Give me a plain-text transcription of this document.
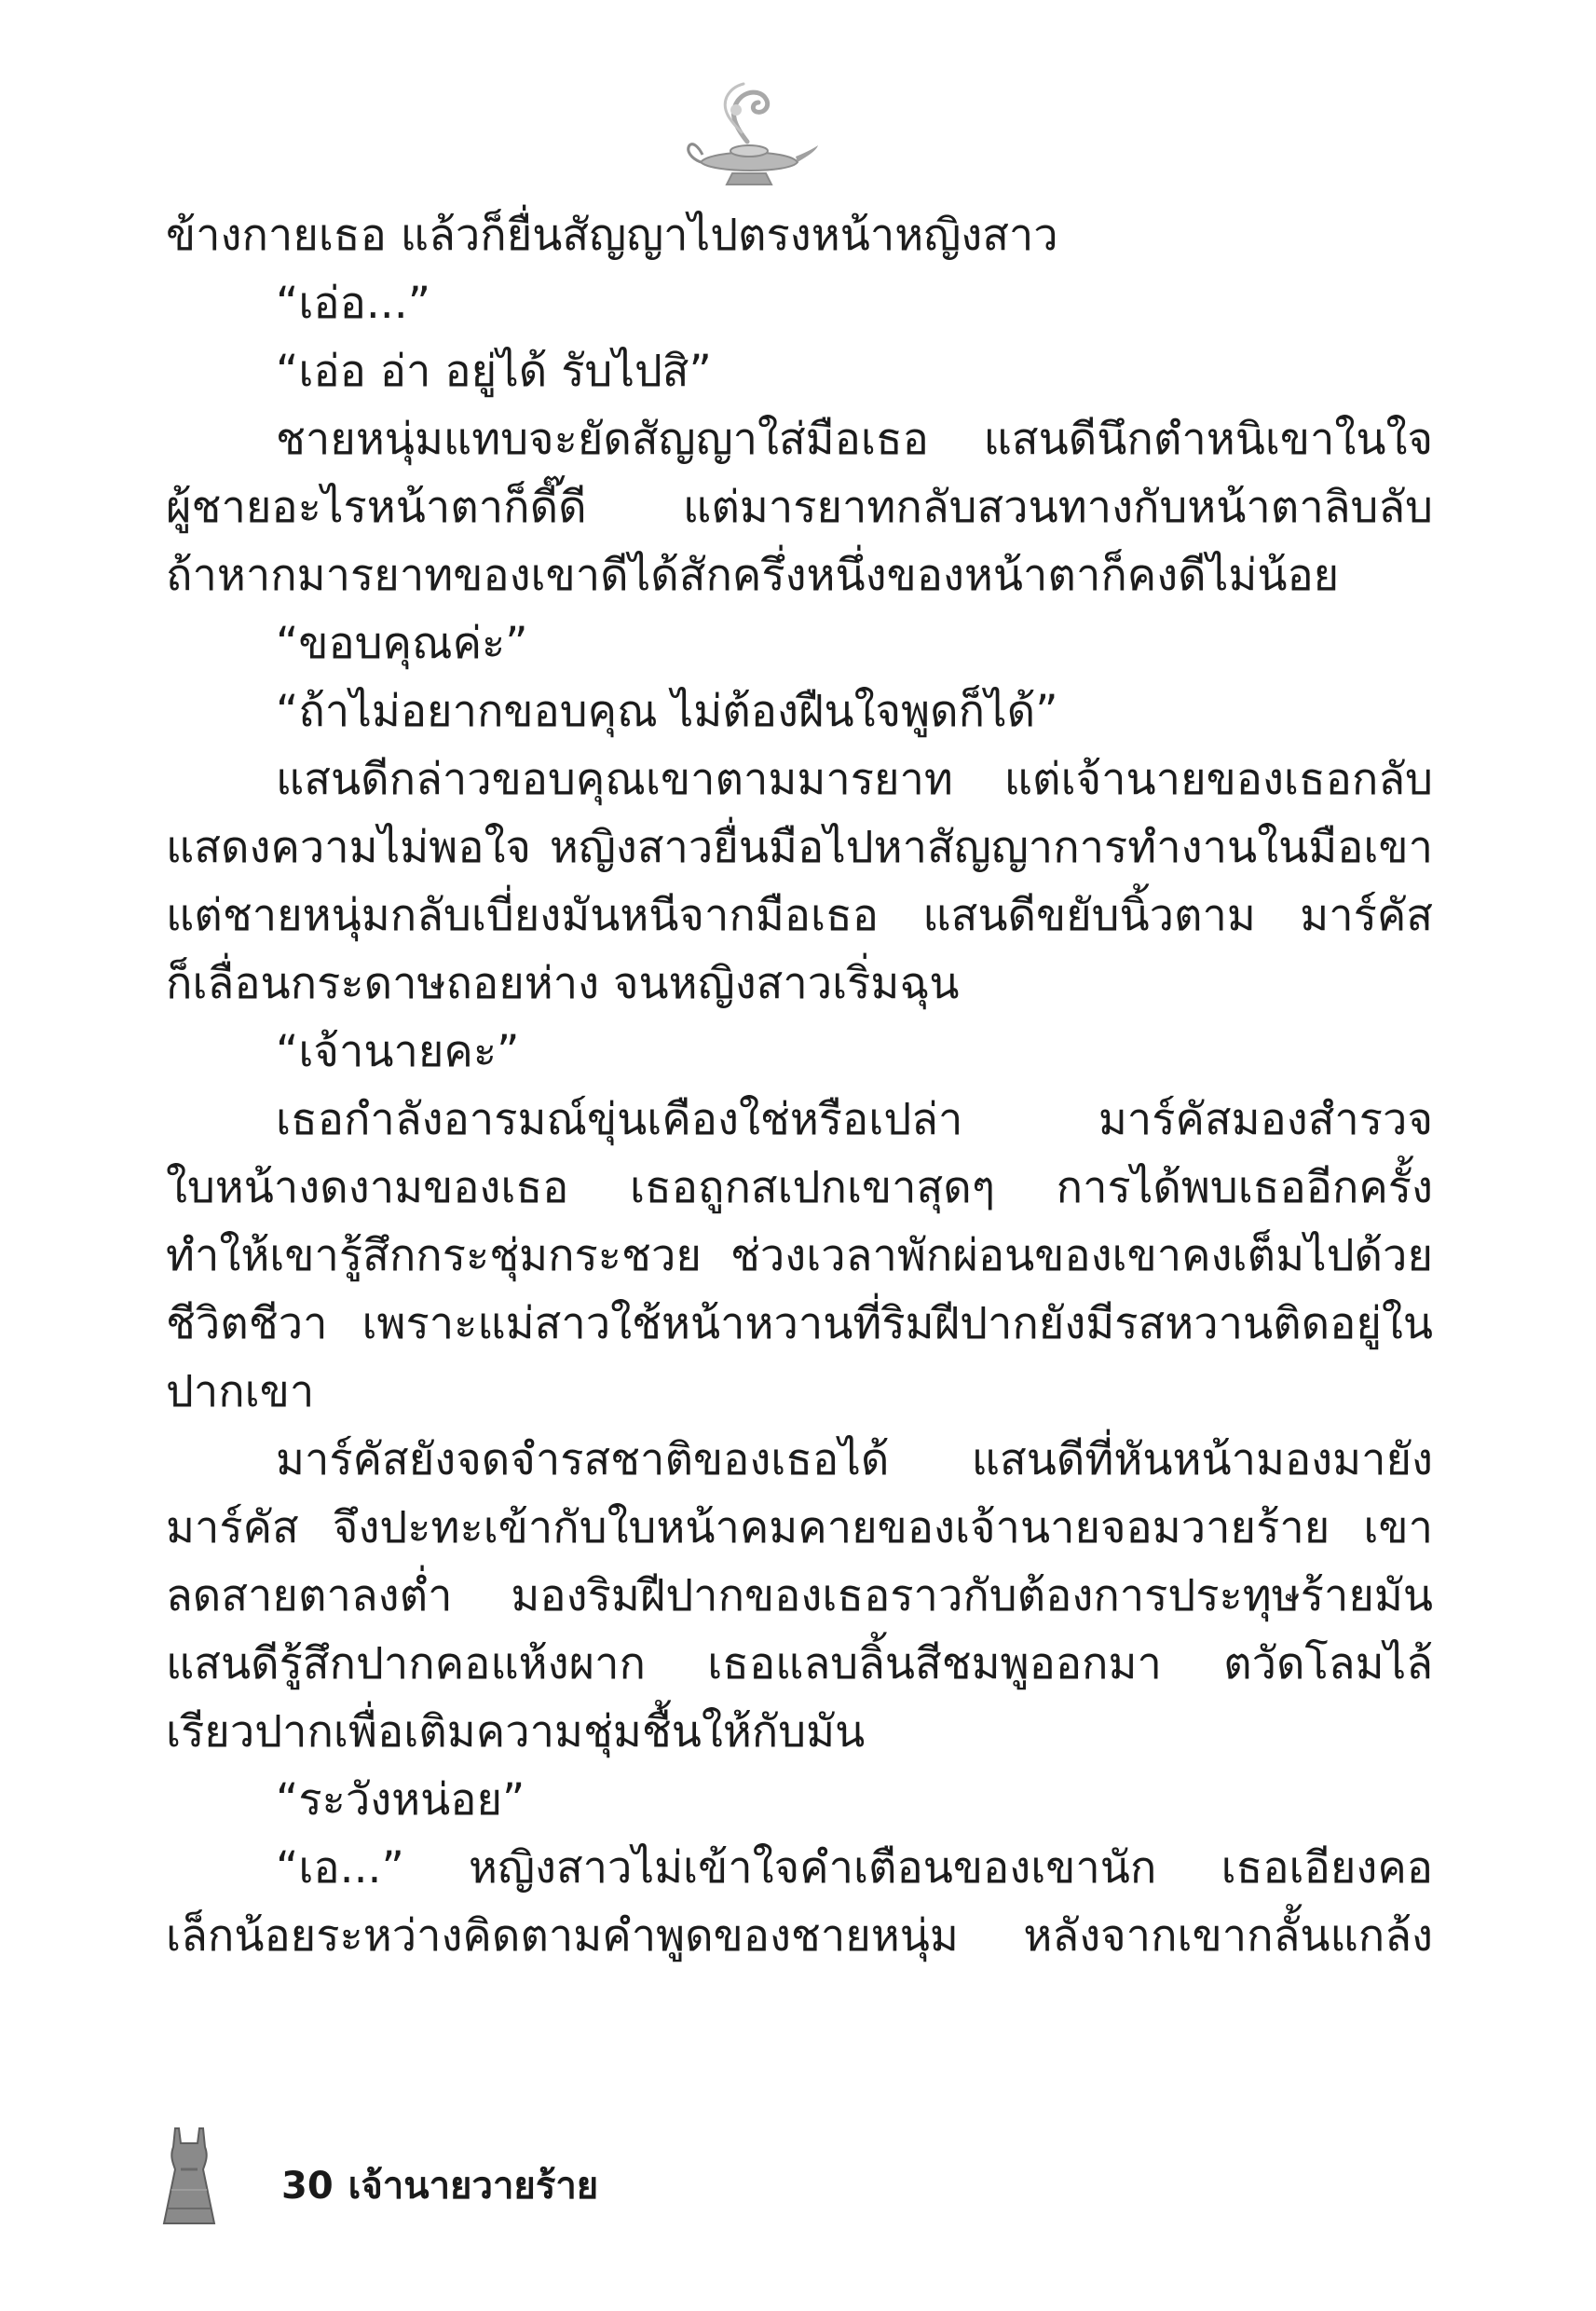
ข้างกายเธอ แล้วก็ยื่นสัญญาไปตรงหน้าหญิงสาว
“เอ่อ...”
“เอ่อ อ่า อยู่ได้ รับไปสิ”
ชายหนุ่มแทบจะยัดสัญญาใส่มือเธอ แสนดีนึกตำหนิเขาในใจ
ผู้ชายอะไรหน้าตาก็ดี๊ดี แต่มารยาทกลับสวนทางกับหน้าตาลิบลับ
ถ้าหากมารยาทของเขาดีได้สักครึ่งหนึ่งของหน้าตาก็คงดีไม่น้อย
“ขอบคุณค่ะ”
“ถ้าไม่อยากขอบคุณ ไม่ต้องฝืนใจพูดก็ได้”
แสนดีกล่าวขอบคุณเขาตามมารยาท แต่เจ้านายของเธอกลับ
แสดงความไม่พอใจ หญิงสาวยื่นมือไปหาสัญญาการทำงานในมือเขา
แต่ชายหนุ่มกลับเบี่ยงมันหนีจากมือเธอ แสนดีขยับนิ้วตาม มาร์คัส
ก็เลื่อนกระดาษถอยห่าง จนหญิงสาวเริ่มฉุน
“เจ้านายคะ”
เธอกำลังอารมณ์ขุ่นเคืองใช่หรือเปล่า มาร์คัสมองสำรวจ
ใบหน้างดงามของเธอ เธอถูกสเปกเขาสุดๆ การได้พบเธออีกครั้ง
ทำให้เขารู้สึกกระชุ่มกระชวย ช่วงเวลาพักผ่อนของเขาคงเต็มไปด้วย
ชีวิตชีวา เพราะแม่สาวใช้หน้าหวานที่ริมฝีปากยังมีรสหวานติดอยู่ใน
ปากเขา
มาร์คัสยังจดจำรสชาติของเธอได้ แสนดีที่หันหน้ามองมายัง
มาร์คัส จึงปะทะเข้ากับใบหน้าคมคายของเจ้านายจอมวายร้าย เขา
ลดสายตาลงต่ำ มองริมฝีปากของเธอราวกับต้องการประทุษร้ายมัน
แสนดีรู้สึกปากคอแห้งผาก เธอแลบลิ้นสีชมพูออกมา ตวัดโลมไล้
เรียวปากเพื่อเติมความชุ่มชื้นให้กับมัน
“ระวังหน่อย”
“เอ...” หญิงสาวไม่เข้าใจคำเตือนของเขานัก เธอเอียงคอ
เล็กน้อยระหว่างคิดตามคำพูดของชายหนุ่ม หลังจากเขากลั้นแกล้ง
30 เจ้านายวายร้าย
